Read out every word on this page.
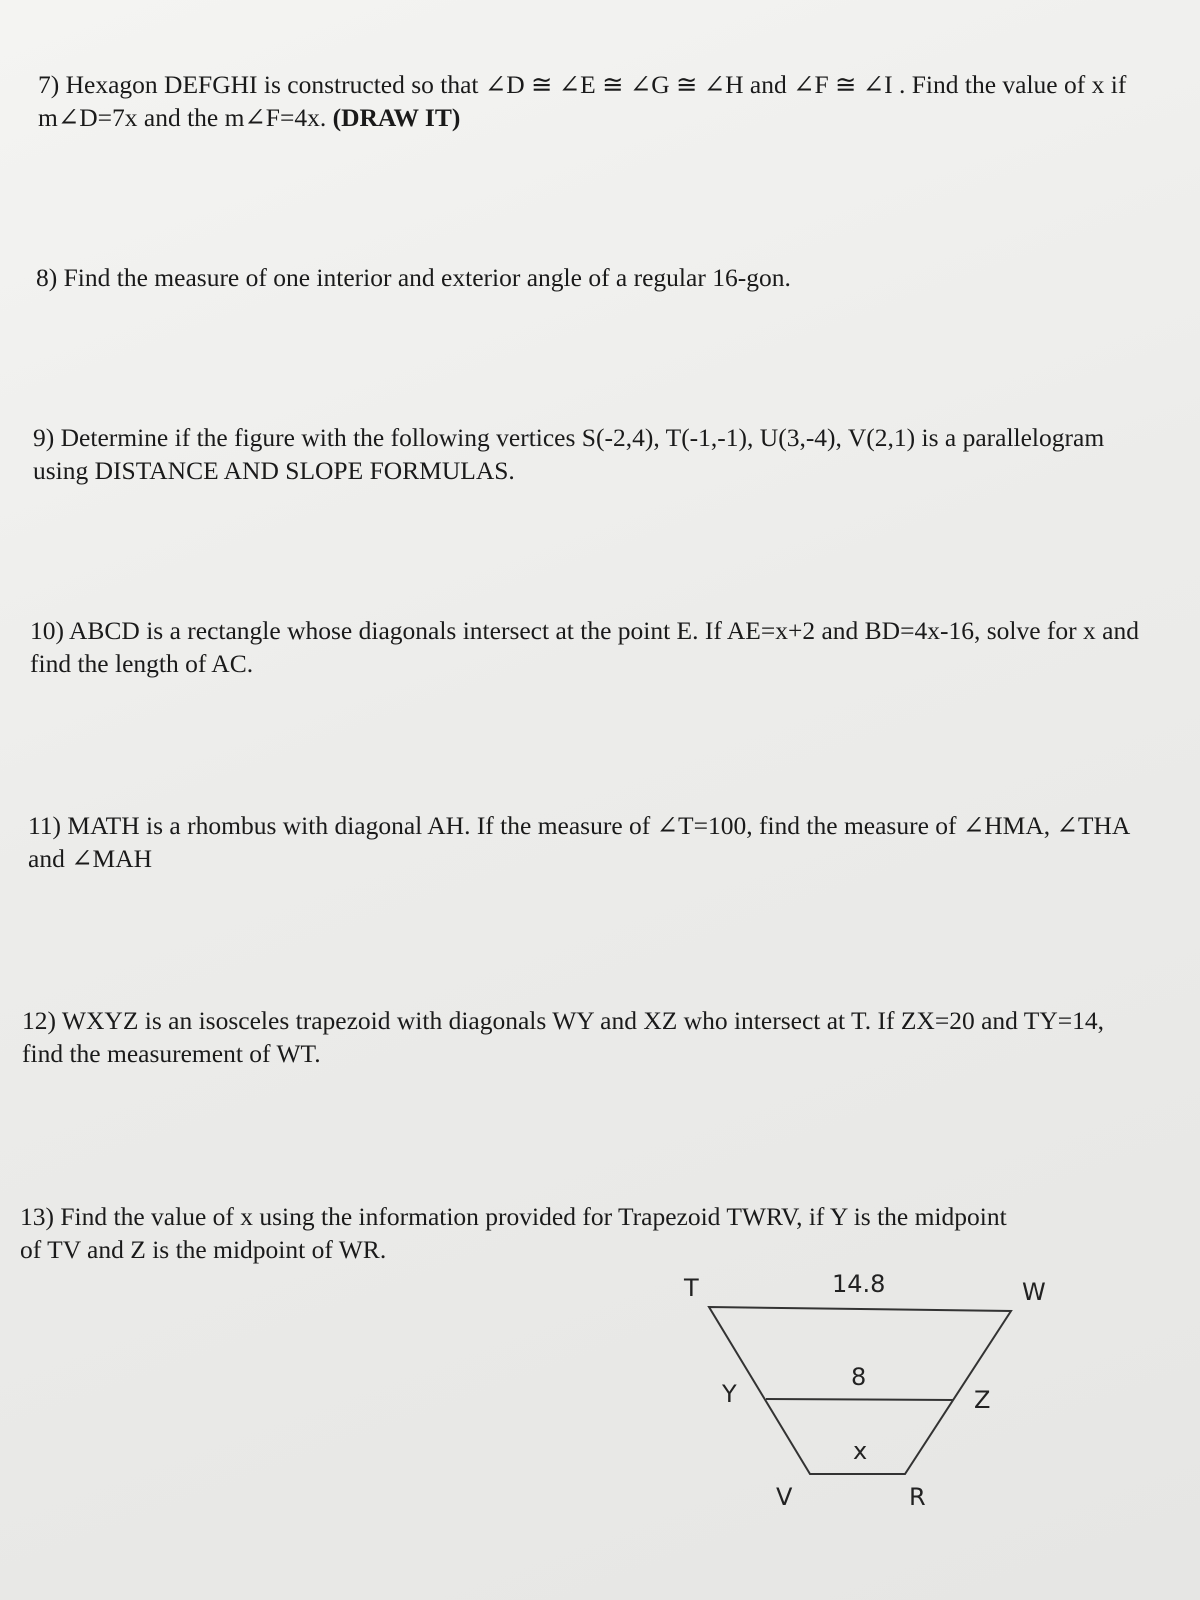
7) Hexagon DEFGHI is constructed so that ∠D ≅ ∠E ≅ ∠G ≅ ∠H and ∠F ≅ ∠I . Find the value of x if m∠D=7x and the m∠F=4x. (DRAW IT)
8) Find the measure of one interior and exterior angle of a regular 16-gon.
9) Determine if the figure with the following vertices S(-2,4), T(-1,-1), U(3,-4), V(2,1) is a parallelogram using DISTANCE AND SLOPE FORMULAS.
10) ABCD is a rectangle whose diagonals intersect at the point E. If AE=x+2 and BD=4x-16, solve for x and find the length of AC.
11) MATH is a rhombus with diagonal AH. If the measure of ∠T=100, find the measure of ∠HMA, ∠THA and ∠MAH
12) WXYZ is an isosceles trapezoid with diagonals WY and XZ who intersect at T. If ZX=20 and TY=14, find the measurement of WT.
13) Find the value of x using the information provided for Trapezoid TWRV, if Y is the midpoint of TV and Z is the midpoint of WR.
T	W
14.8
8
Y	Z
x
V	R
